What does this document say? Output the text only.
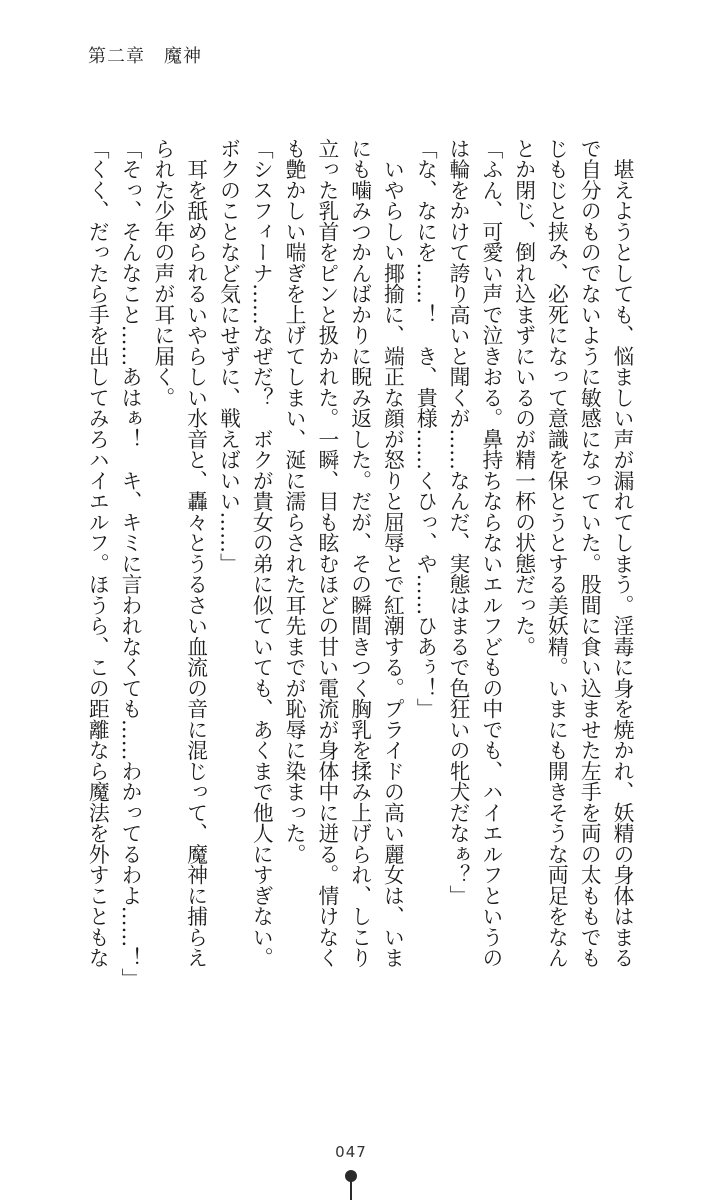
第二章　魔神

　堪えようとしても、悩ましい声が漏れてしまう。淫毒に身を焼かれ、妖精の身体はまる

で自分のものでないように敏感になっていた。股間に食い込ませた左手を両の太ももでも

じもじと挟み、必死になって意識を保とうとする美妖精。いまにも開きそうな両足をなん

とか閉じ、倒れ込まずにいるのが精一杯の状態だった。

「ふん、可愛い声で泣きおる。鼻持ちならないエルフどもの中でも、ハイエルフというの

は輪をかけて誇り高いと聞くが……なんだ、実態はまるで色狂いの牝犬だなぁ？」

「な、なにを……！　き、貴様……くひっ、や……ひあぅ！」

　いやらしい揶揄に、端正な顔が怒りと屈辱とで紅潮する。プライドの高い麗女は、いま

にも噛みつかんばかりに睨み返した。だが、その瞬間きつく胸乳を揉み上げられ、しこり

立った乳首をピンと扱かれた。一瞬、目も眩むほどの甘い電流が身体中に迸る。情けなく

も艶かしい喘ぎを上げてしまい、涎に濡らされた耳先までが恥辱に染まった。

「シスフィーナ……なぜだ？　ボクが貴女の弟に似ていても、あくまで他人にすぎない。

ボクのことなど気にせずに、戦えばいい……」

　耳を舐められるいやらしい水音と、轟々とうるさい血流の音に混じって、魔神に捕らえ

られた少年の声が耳に届く。

「そっ、そんなこと……あはぁ！　キ、キミに言われなくても……わかってるわよ……！」

「くく、だったら手を出してみろハイエルフ。ほうら、この距離なら魔法を外すこともな

047
